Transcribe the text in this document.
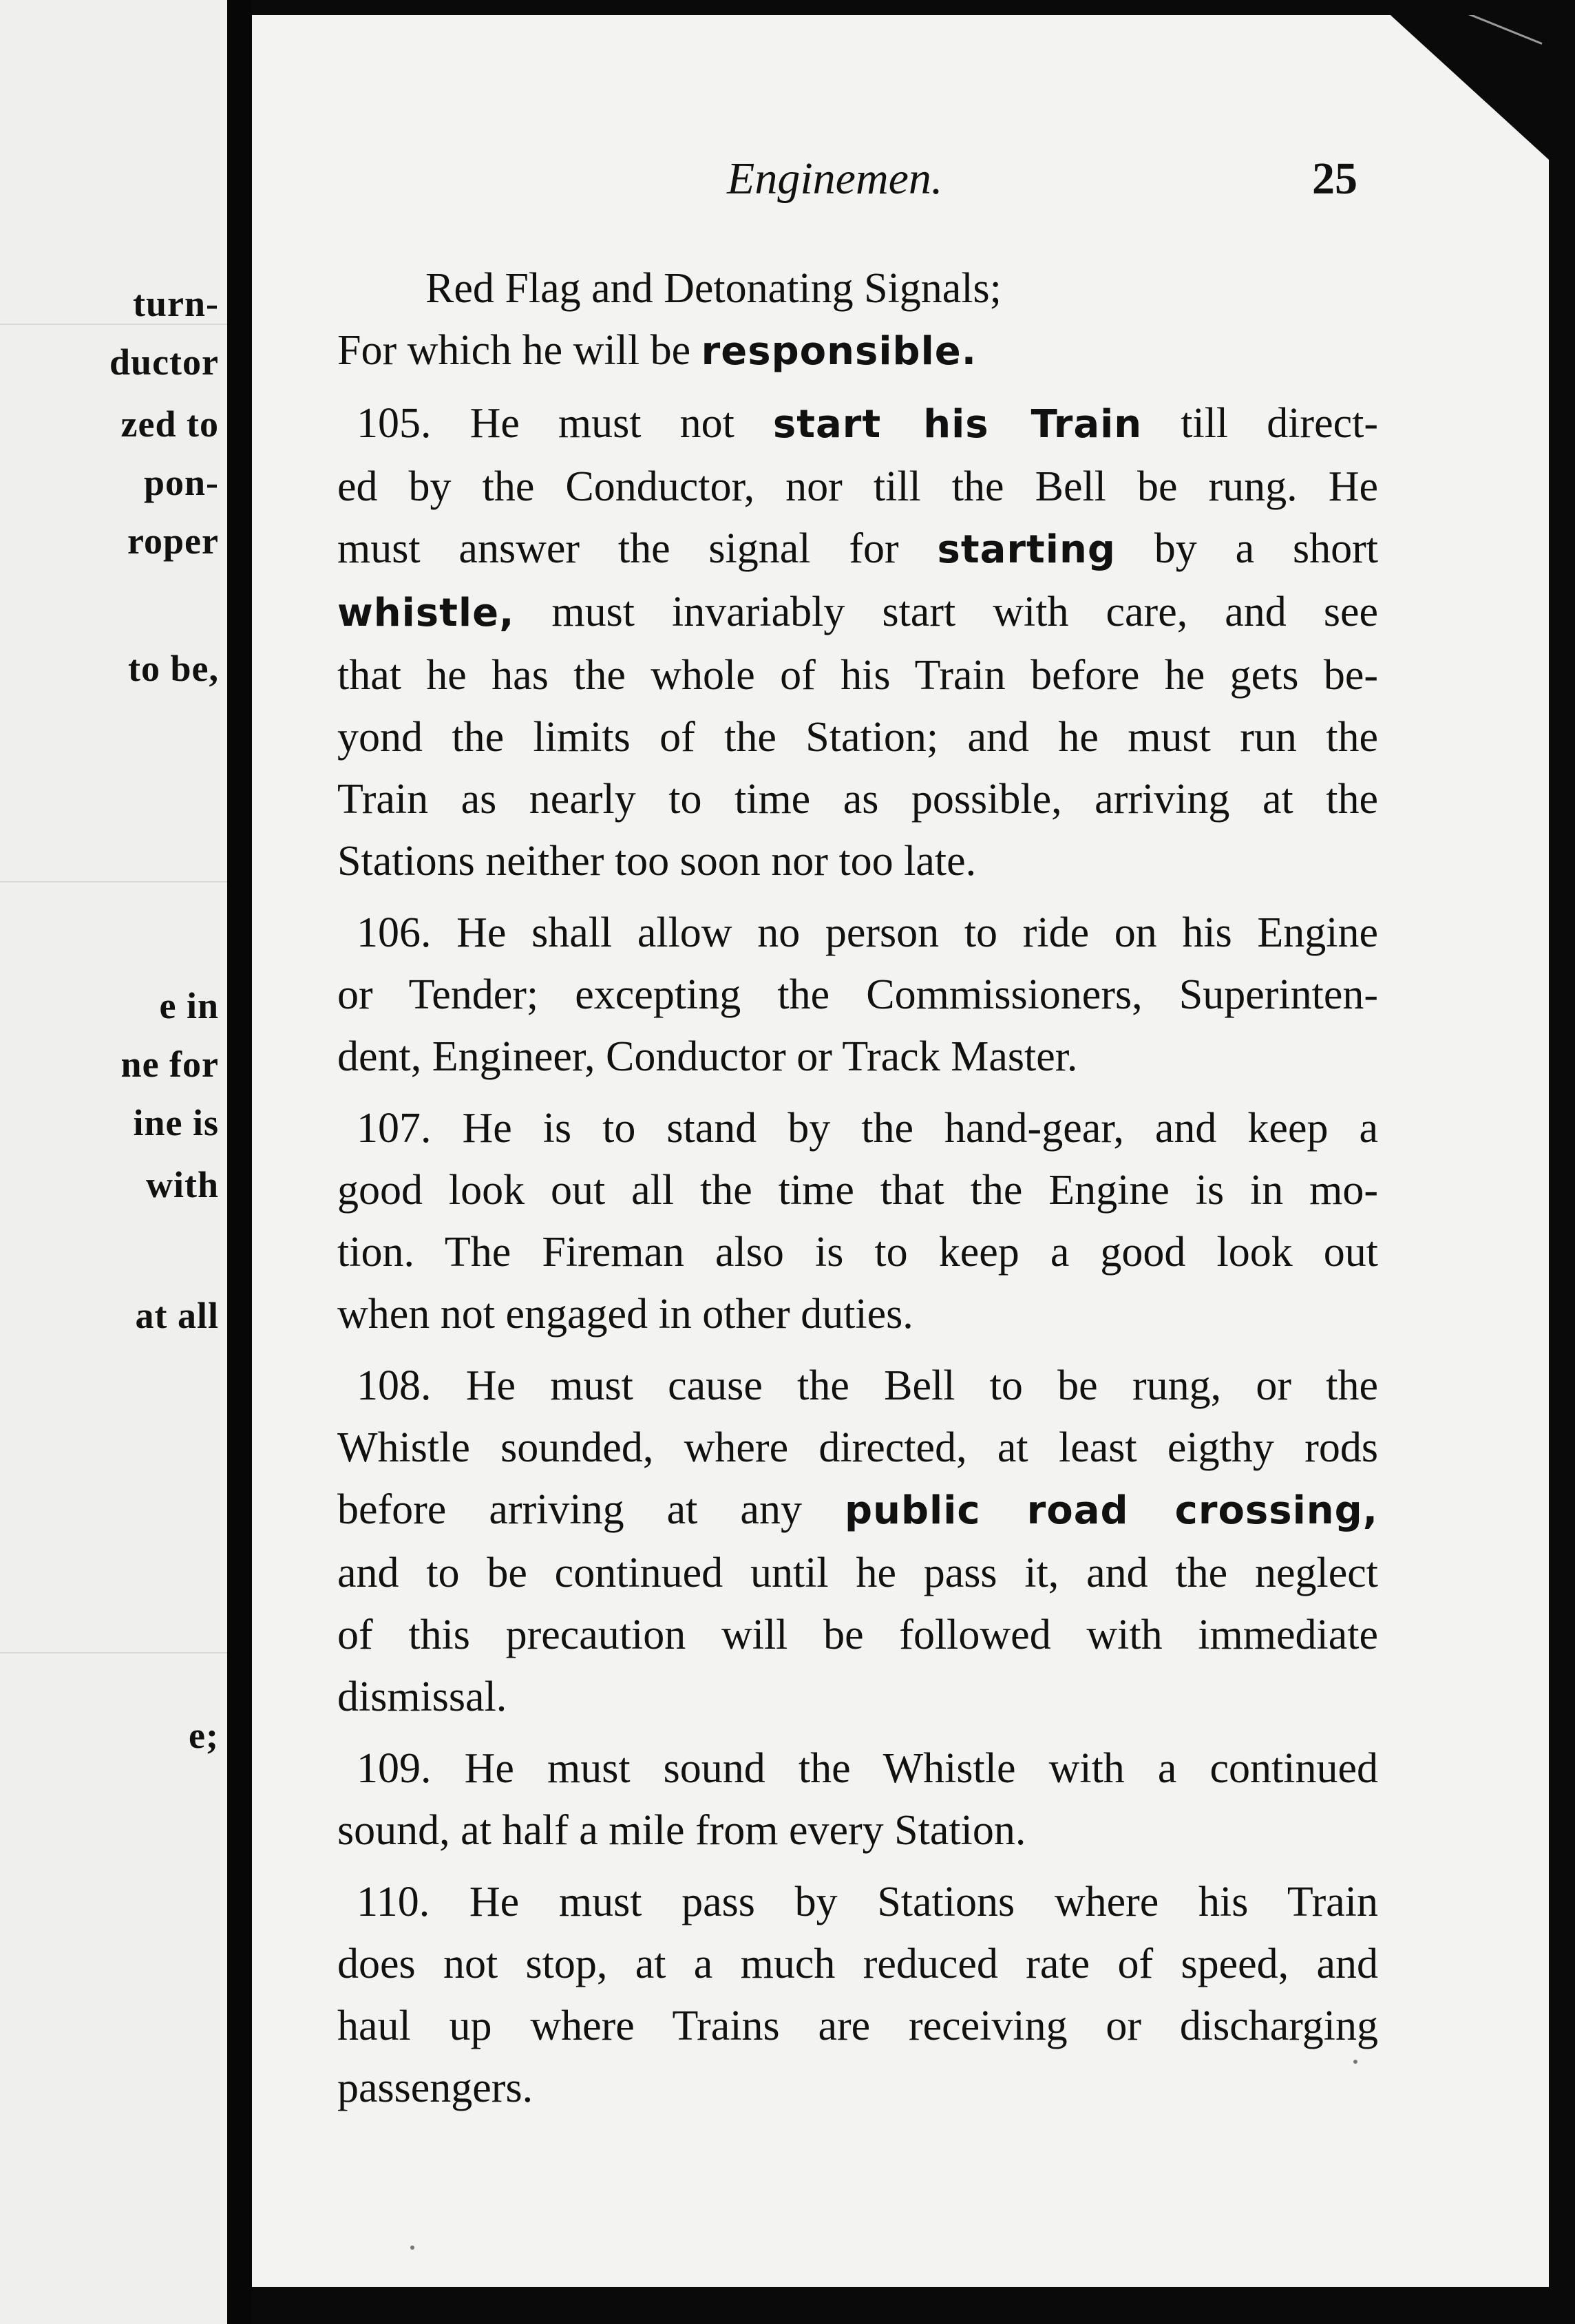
turn-
ductor
zed to
pon-
roper
to be,
e in
ne for
ine is
with
at all
e;
Enginemen.	25
Red Flag and Detonating Signals;
For which he will be responsible.
105. He must not start his Train till direct-
ed by the Conductor, nor till the Bell be rung. He
must answer the signal for starting by a short
whistle, must invariably start with care, and see
that he has the whole of his Train before he gets be-
yond the limits of the Station; and he must run the
Train as nearly to time as possible, arriving at the
Stations neither too soon nor too late.
106. He shall allow no person to ride on his Engine
or Tender; excepting the Commissioners, Superinten-
dent, Engineer, Conductor or Track Master.
107. He is to stand by the hand-gear, and keep a
good look out all the time that the Engine is in mo-
tion. The Fireman also is to keep a good look out
when not engaged in other duties.
108. He must cause the Bell to be rung, or the
Whistle sounded, where directed, at least eigthy rods
before arriving at any public road crossing,
and to be continued until he pass it, and the neglect
of this precaution will be followed with immediate
dismissal.
109. He must sound the Whistle with a continued
sound, at half a mile from every Station.
110. He must pass by Stations where his Train
does not stop, at a much reduced rate of speed, and
haul up where Trains are receiving or discharging
passengers.
